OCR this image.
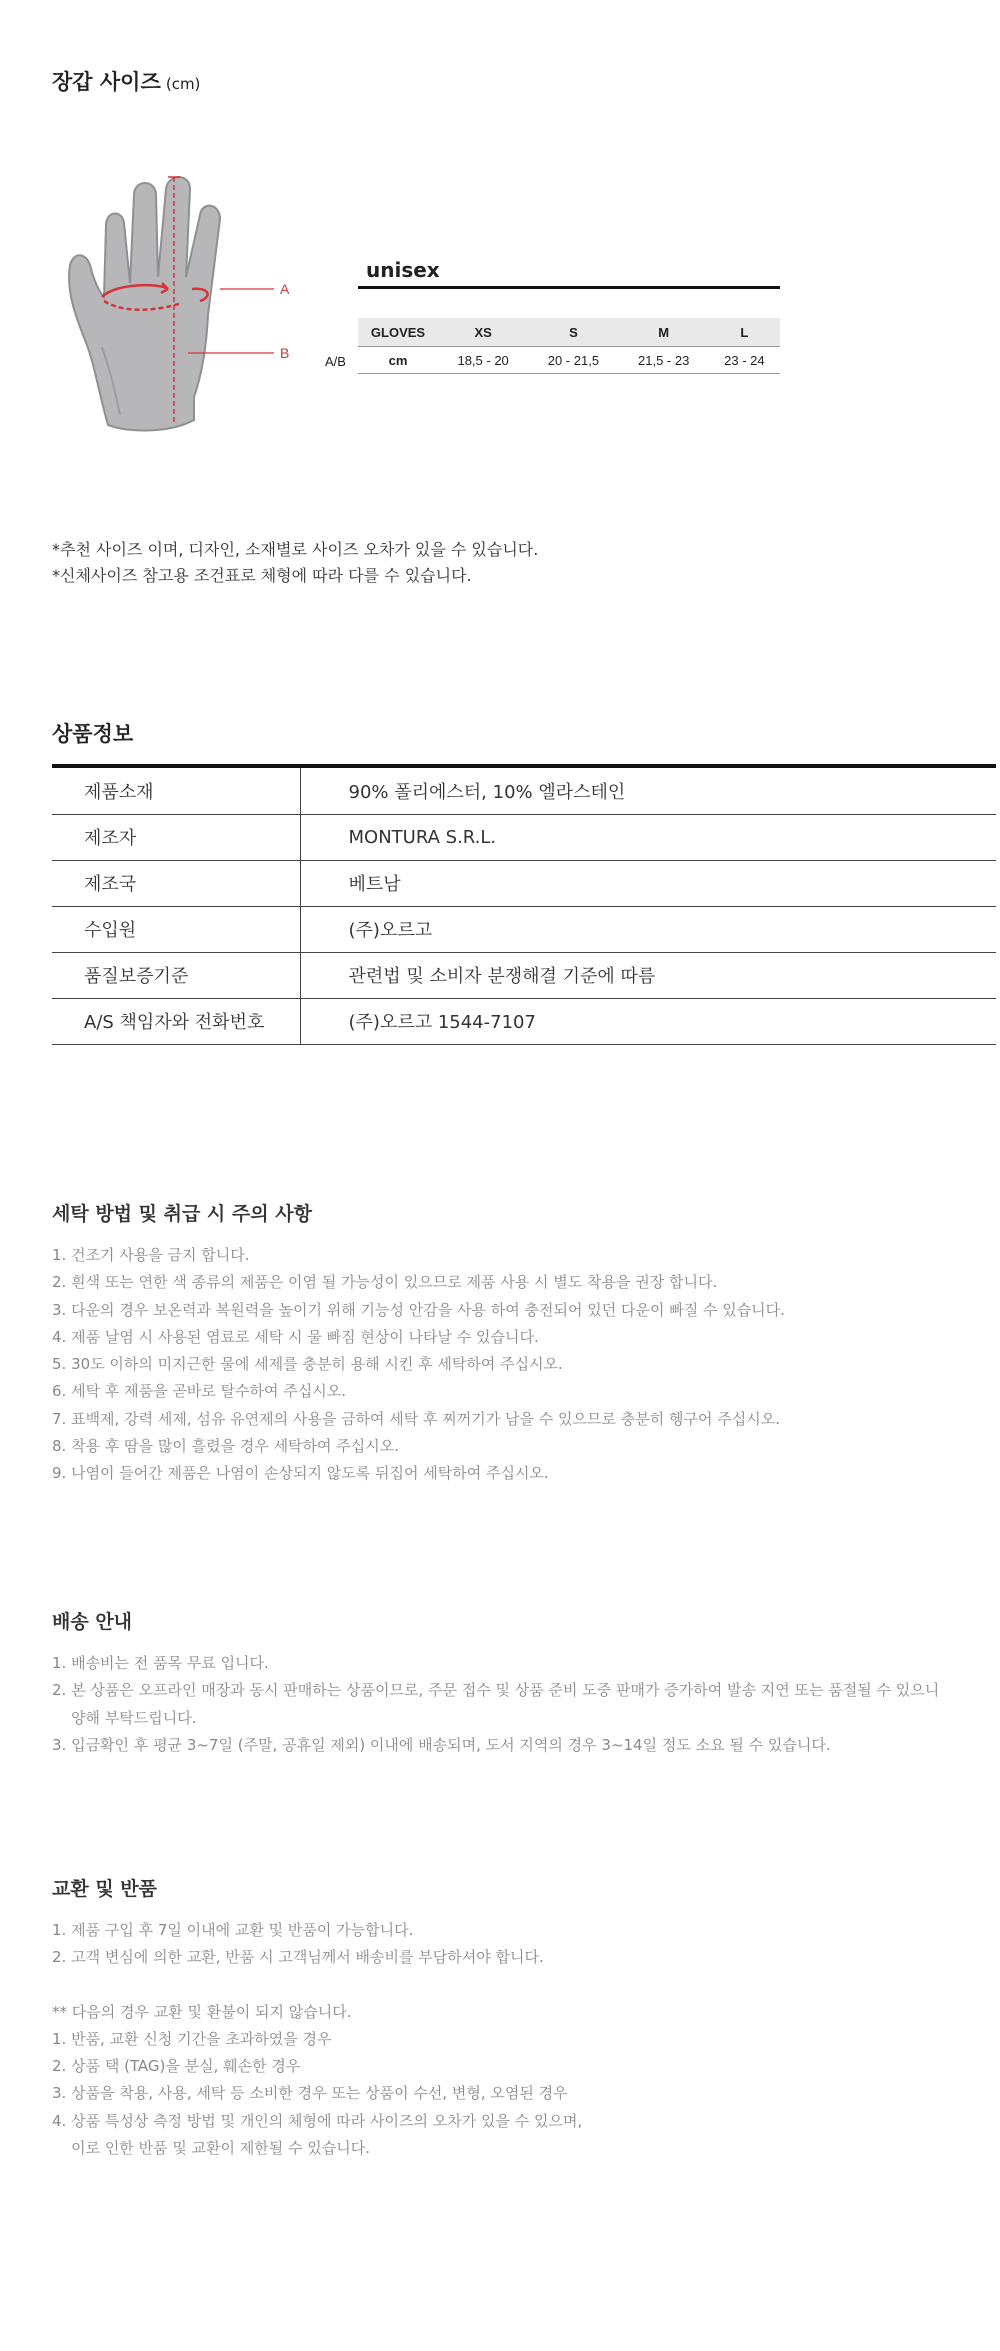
장갑 사이즈 (cm)
A
B
unisex
A/B
GLOVES	XS	S	M	L
cm	18,5 - 20	20 - 21,5	21,5 - 23	23 - 24
*추천 사이즈 이며, 디자인, 소재별로 사이즈 오차가 있을 수 있습니다.
*신체사이즈 참고용 조건표로 체형에 따라 다를 수 있습니다.
상품정보
제품소재	90% 폴리에스터, 10% 엘라스테인
제조자	MONTURA S.R.L.
제조국	베트남
수입원	(주)오르고
품질보증기준	관련법 및 소비자 분쟁해결 기준에 따름
A/S 책임자와 전화번호	(주)오르고 1544-7107
세탁 방법 및 취급 시 주의 사항
1. 건조기 사용을 금지 합니다.
2. 흰색 또는 연한 색 종류의 제품은 이염 될 가능성이 있으므로 제품 사용 시 별도 착용을 권장 합니다.
3. 다운의 경우 보온력과 복원력을 높이기 위해 기능성 안감을 사용 하여 충전되어 있던 다운이 빠질 수 있습니다.
4. 제품 날염 시 사용된 염료로 세탁 시 물 빠짐 현상이 나타날 수 있습니다.
5. 30도 이하의 미지근한 물에 세제를 충분히 용해 시킨 후 세탁하여 주십시오.
6. 세탁 후 제품을 곧바로 탈수하여 주십시오.
7. 표백제, 강력 세제, 섬유 유연제의 사용을 금하여 세탁 후 찌꺼기가 남을 수 있으므로 충분히 헹구어 주십시오.
8. 착용 후 땀을 많이 흘렸을 경우 세탁하여 주십시오.
9. 나염이 들어간 제품은 나염이 손상되지 않도록 뒤집어 세탁하여 주십시오.
배송 안내
1. 배송비는 전 품목 무료 입니다.
2. 본 상품은 오프라인 매장과 동시 판매하는 상품이므로, 주문 접수 및 상품 준비 도중 판매가 증가하여 발송 지연 또는 품절될 수 있으니
양해 부탁드립니다.
3. 입금확인 후 평균 3~7일 (주말, 공휴일 제외) 이내에 배송되며, 도서 지역의 경우 3~14일 정도 소요 될 수 있습니다.
교환 및 반품
1. 제품 구입 후 7일 이내에 교환 및 반품이 가능합니다.
2. 고객 변심에 의한 교환, 반품 시 고객님께서 배송비를 부담하셔야 합니다.
** 다음의 경우 교환 및 환불이 되지 않습니다.
1. 반품, 교환 신청 기간을 초과하였을 경우
2. 상품 택 (TAG)을 분실, 훼손한 경우
3. 상품을 착용, 사용, 세탁 등 소비한 경우 또는 상품이 수선, 변형, 오염된 경우
4. 상품 특성상 측정 방법 및 개인의 체형에 따라 사이즈의 오차가 있을 수 있으며,
이로 인한 반품 및 교환이 제한될 수 있습니다.
